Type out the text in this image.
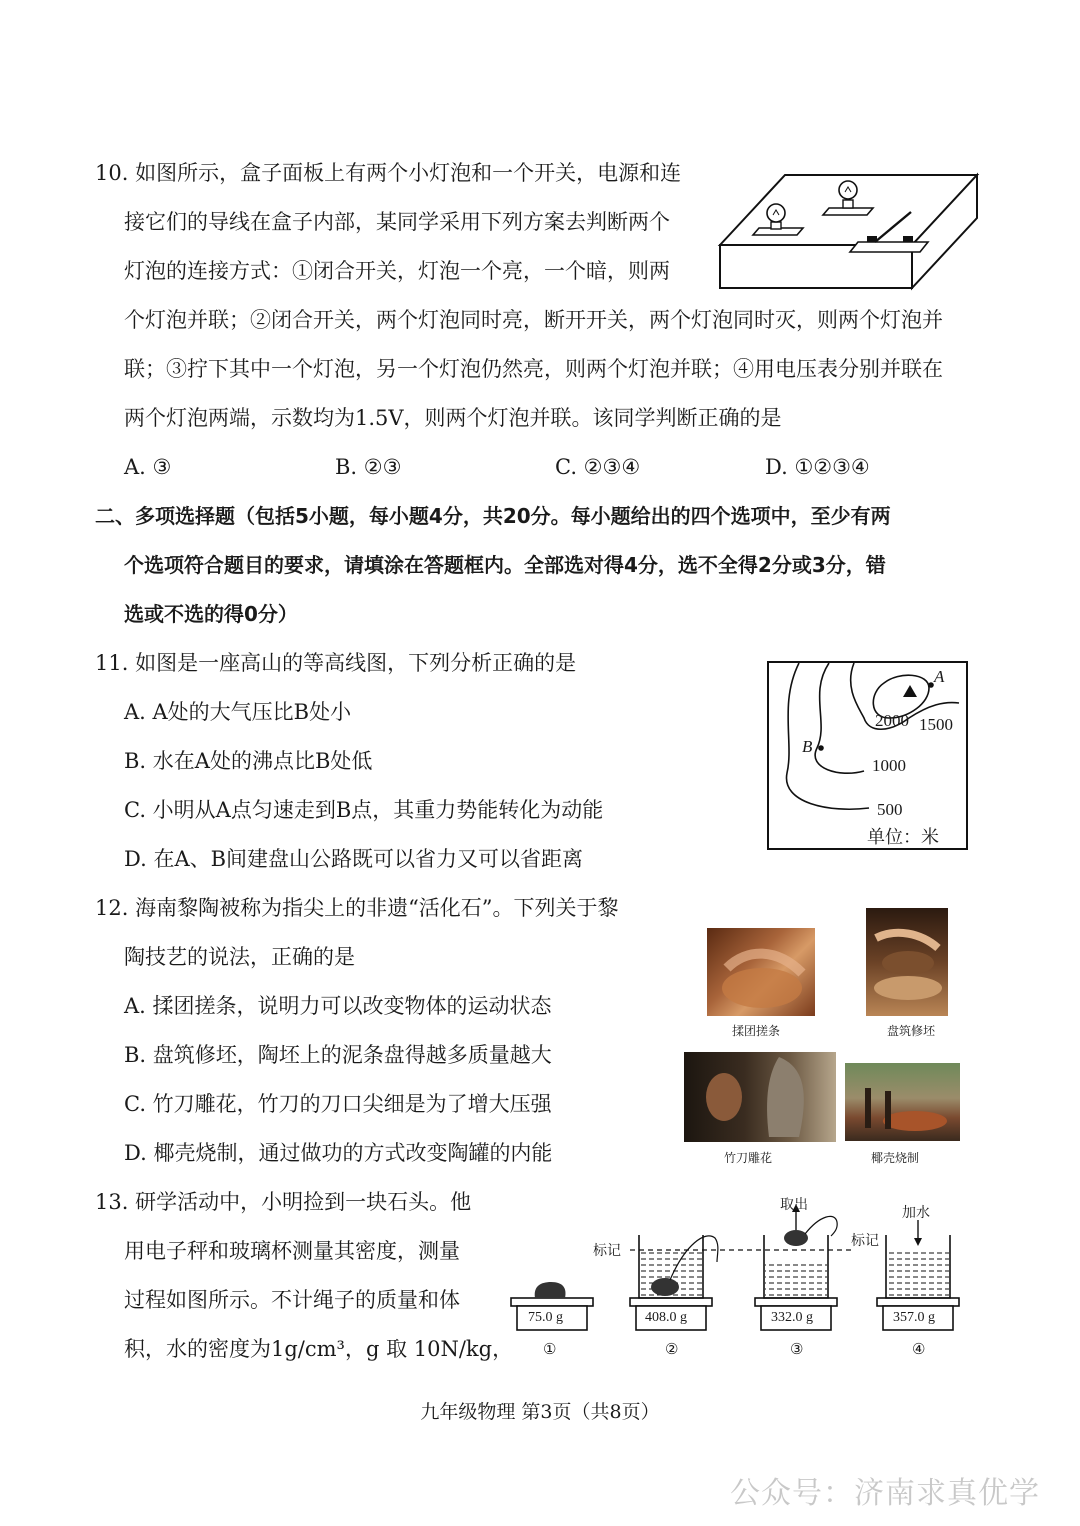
10. 如图所示，盒子面板上有两个小灯泡和一个开关，电源和连
接它们的导线在盒子内部，某同学采用下列方案去判断两个
灯泡的连接方式：①闭合开关，灯泡一个亮，一个暗，则两
个灯泡并联；②闭合开关，两个灯泡同时亮，断开开关，两个灯泡同时灭，则两个灯泡并
联；③拧下其中一个灯泡，另一个灯泡仍然亮，则两个灯泡并联；④用电压表分别并联在
两个灯泡两端，示数均为1.5V，则两个灯泡并联。该同学判断正确的是
A. ③	B. ②③	C. ②③④	D. ①②③④
二、多项选择题（包括5小题，每小题4分，共20分。每小题给出的四个选项中，至少有两
个选项符合题目的要求，请填涂在答题框内。全部选对得4分，选不全得2分或3分，错
选或不选的得0分）
11. 如图是一座高山的等高线图，下列分析正确的是
A. A处的大气压比B处小
B. 水在A处的沸点比B处低
C. 小明从A点匀速走到B点，其重力势能转化为动能
D. 在A、B间建盘山公路既可以省力又可以省距离
A
B
2000 1500
1000
500
单位：米
12. 海南黎陶被称为指尖上的非遗“活化石”。下列关于黎
陶技艺的说法，正确的是
A. 揉团搓条，说明力可以改变物体的运动状态
B. 盘筑修坯，陶坯上的泥条盘得越多质量越大
C. 竹刀雕花，竹刀的刀口尖细是为了增大压强
D. 椰壳烧制，通过做功的方式改变陶罐的内能
揉团搓条	盘筑修坯
竹刀雕花	椰壳烧制
13. 研学活动中，小明捡到一块石头。他
用电子秤和玻璃杯测量其密度，测量
过程如图所示。不计绳子的质量和体
积，水的密度为1g/cm³，g 取 10N/kg，
75.0 g	408.0 g	332.0 g	357.0 g
①	②	③	④
标记
标记
取出	加水
九年级物理 第3页（共8页）
公众号：济南求真优学
